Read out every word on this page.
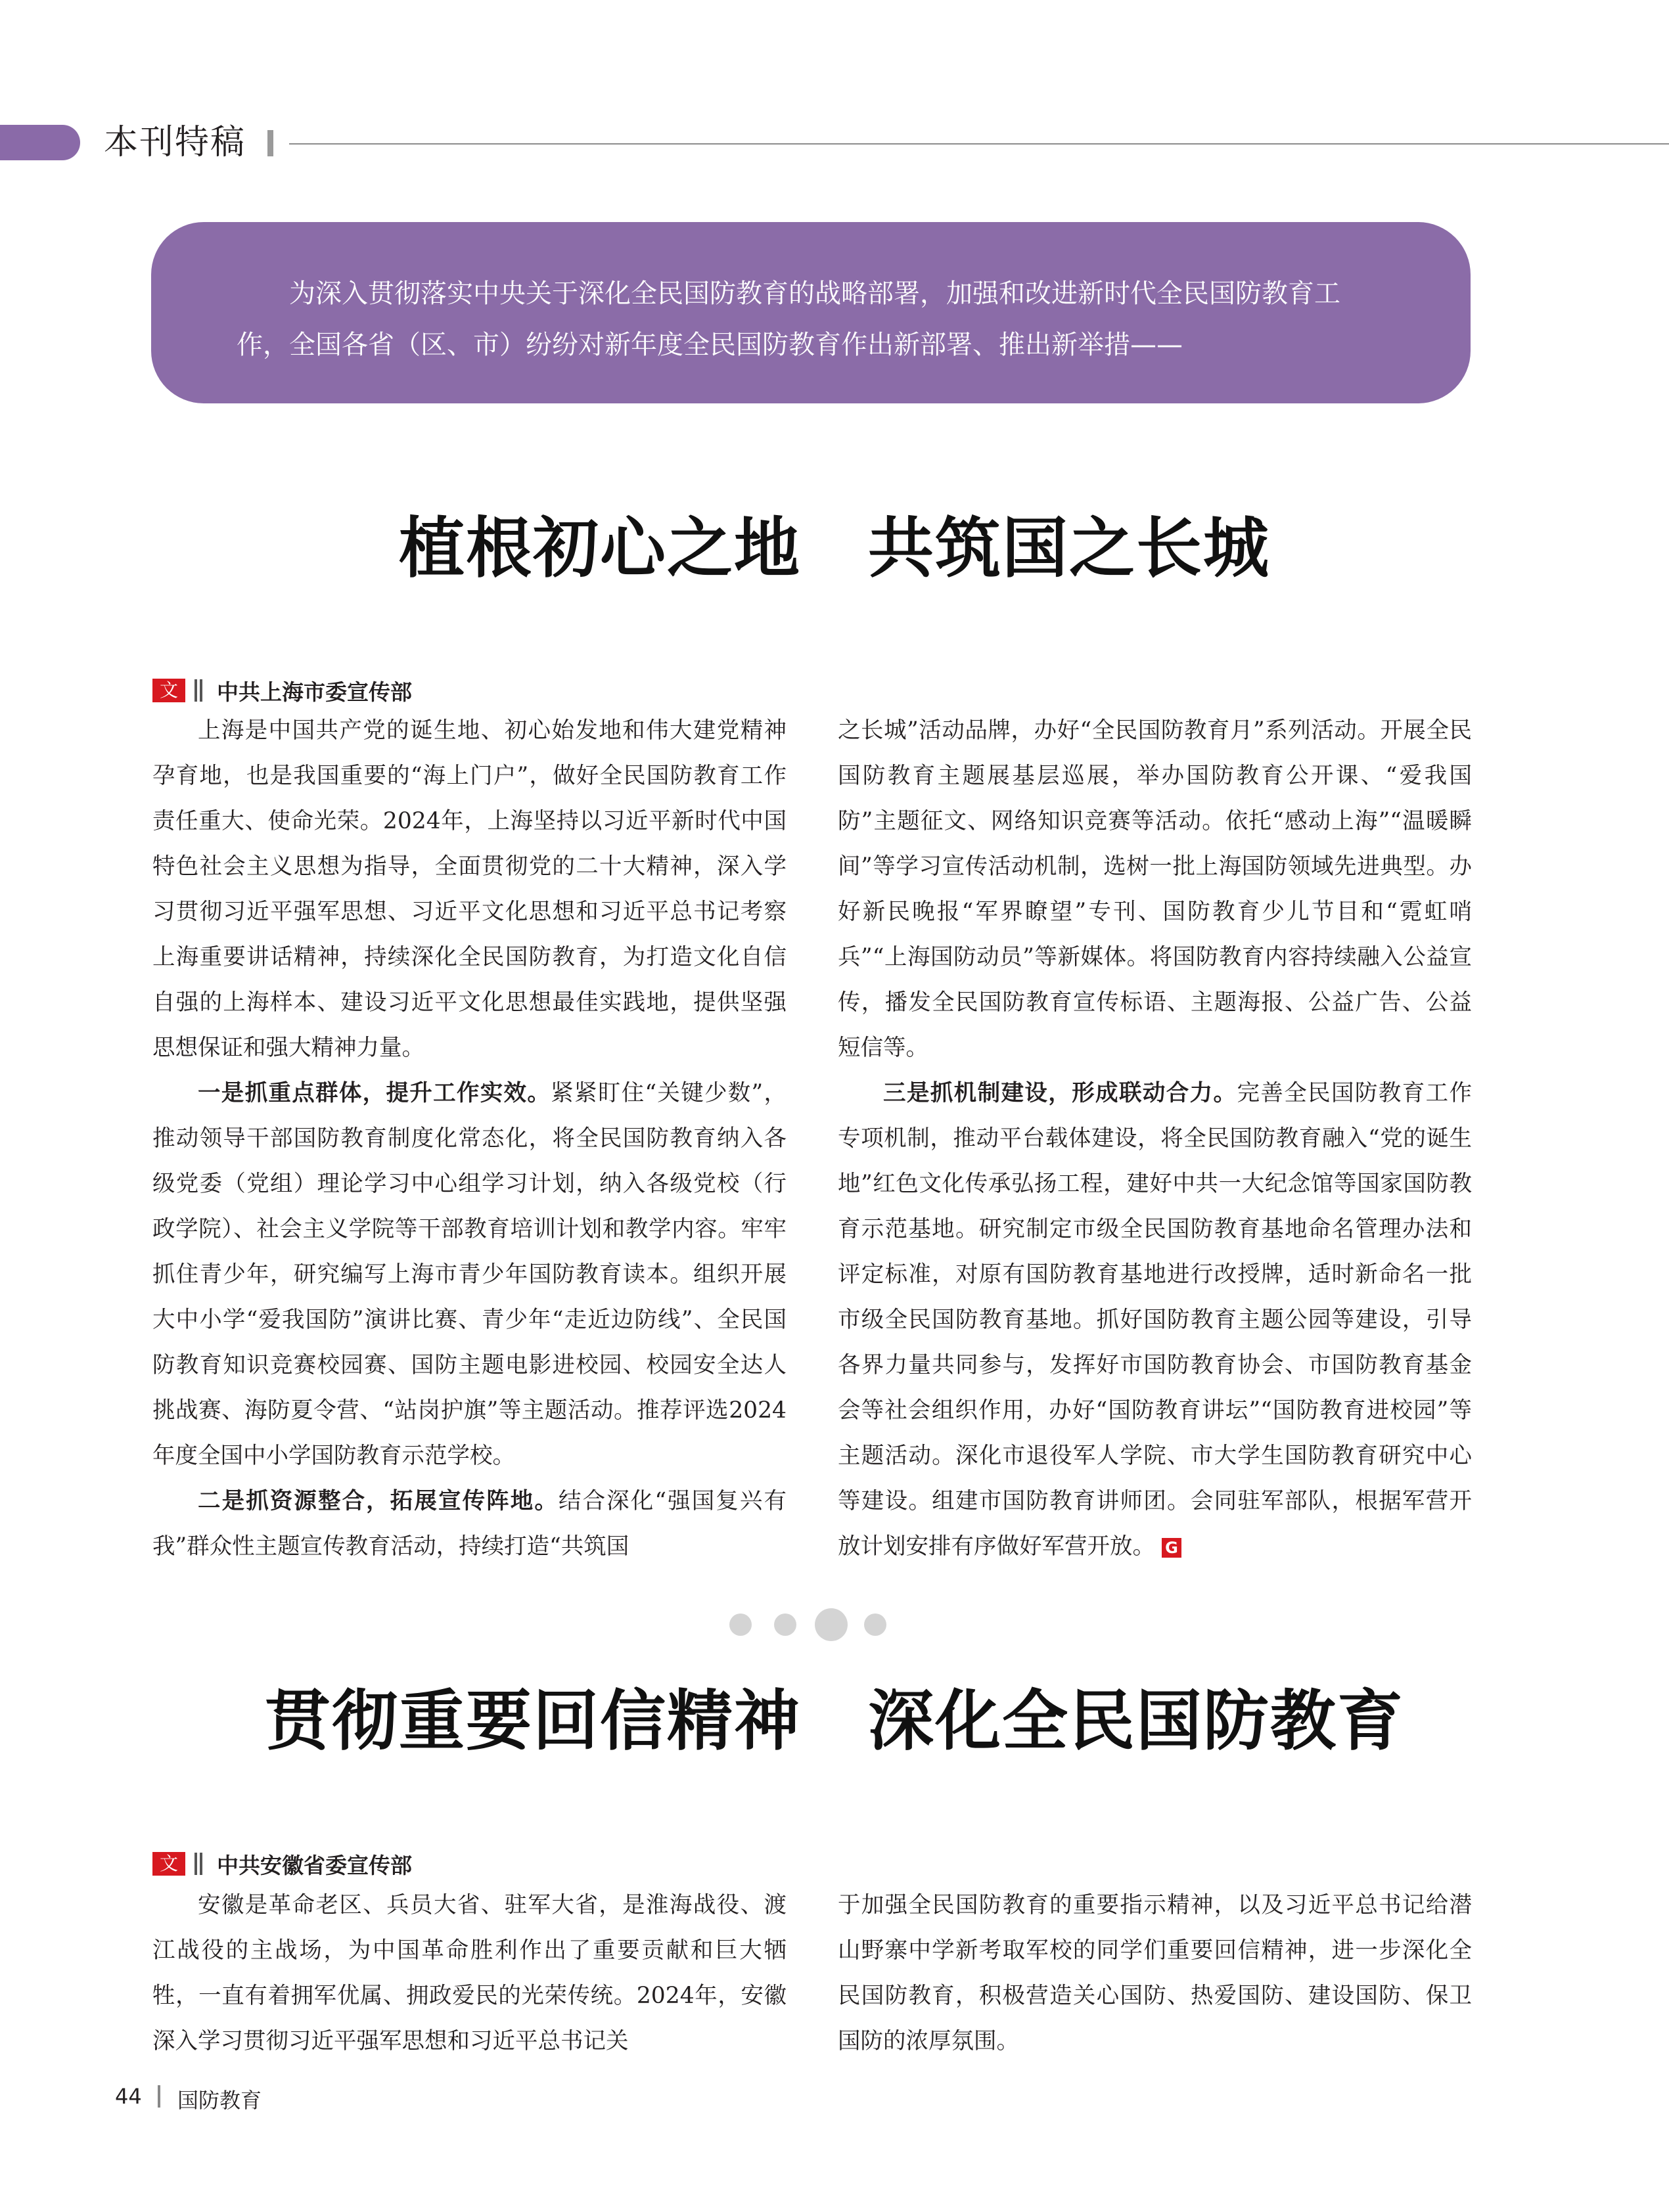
本刊特稿

为深入贯彻落实中央关于深化全民国防教育的战略部署，加强和改进新时代全民国防教育工作，全国各省（区、市）纷纷对新年度全民国防教育作出新部署、推出新举措——

植根初心之地　共筑国之长城
文	中共上海市委宣传部

上海是中国共产党的诞生地、初心始发地和伟大建党精神孕育地，也是我国重要的“海上门户”，做好全民国防教育工作责任重大、使命光荣。2024年，上海坚持以习近平新时代中国特色社会主义思想为指导，全面贯彻党的二十大精神，深入学习贯彻习近平强军思想、习近平文化思想和习近平总书记考察上海重要讲话精神，持续深化全民国防教育，为打造文化自信自强的上海样本、建设习近平文化思想最佳实践地，提供坚强思想保证和强大精神力量。

一是抓重点群体，提升工作实效。紧紧盯住“关键少数”，推动领导干部国防教育制度化常态化，将全民国防教育纳入各级党委（党组）理论学习中心组学习计划，纳入各级党校（行政学院）、社会主义学院等干部教育培训计划和教学内容。牢牢抓住青少年，研究编写上海市青少年国防教育读本。组织开展大中小学“爱我国防”演讲比赛、青少年“走近边防线”、全民国防教育知识竞赛校园赛、国防主题电影进校园、校园安全达人挑战赛、海防夏令营、“站岗护旗”等主题活动。推荐评选2024年度全国中小学国防教育示范学校。

二是抓资源整合，拓展宣传阵地。结合深化“强国复兴有我”群众性主题宣传教育活动，持续打造“共筑国

之长城”活动品牌，办好“全民国防教育月”系列活动。开展全民国防教育主题展基层巡展，举办国防教育公开课、“爱我国防”主题征文、网络知识竞赛等活动。依托“感动上海”“温暖瞬间”等学习宣传活动机制，选树一批上海国防领域先进典型。办好新民晚报“军界瞭望”专刊、国防教育少儿节目和“霓虹哨兵”“上海国防动员”等新媒体。将国防教育内容持续融入公益宣传，播发全民国防教育宣传标语、主题海报、公益广告、公益短信等。

三是抓机制建设，形成联动合力。完善全民国防教育工作专项机制，推动平台载体建设，将全民国防教育融入“党的诞生地”红色文化传承弘扬工程，建好中共一大纪念馆等国家国防教育示范基地。研究制定市级全民国防教育基地命名管理办法和评定标准，对原有国防教育基地进行改授牌，适时新命名一批市级全民国防教育基地。抓好国防教育主题公园等建设，引导各界力量共同参与，发挥好市国防教育协会、市国防教育基金会等社会组织作用，办好“国防教育讲坛”“国防教育进校园”等主题活动。深化市退役军人学院、市大学生国防教育研究中心等建设。组建市国防教育讲师团。会同驻军部队，根据军营开放计划安排有序做好军营开放。 G

贯彻重要回信精神　深化全民国防教育
文	中共安徽省委宣传部

安徽是革命老区、兵员大省、驻军大省，是淮海战役、渡江战役的主战场，为中国革命胜利作出了重要贡献和巨大牺牲，一直有着拥军优属、拥政爱民的光荣传统。2024年，安徽深入学习贯彻习近平强军思想和习近平总书记关

于加强全民国防教育的重要指示精神，以及习近平总书记给潜山野寨中学新考取军校的同学们重要回信精神，进一步深化全民国防教育，积极营造关心国防、热爱国防、建设国防、保卫国防的浓厚氛围。

44 国防教育
